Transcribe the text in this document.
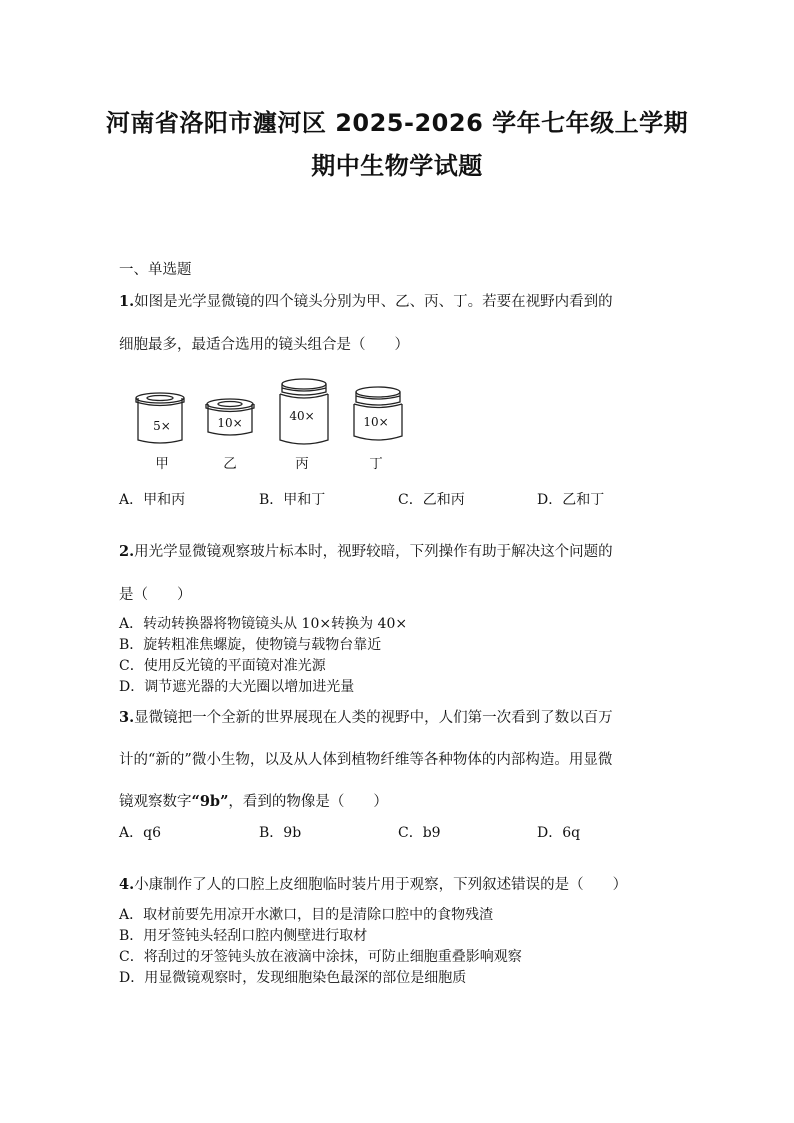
河南省洛阳市瀍河区 2025-2026 学年七年级上学期
期中生物学试题
一、单选题
1.如图是光学显微镜的四个镜头分别为甲、乙、丙、丁。若要在视野内看到的
细胞最多，最适合选用的镜头组合是（　　）
5×	10×	40×	10×
甲	乙	丙	丁
A．甲和丙	B．甲和丁	C．乙和丙	D．乙和丁
2.用光学显微镜观察玻片标本时，视野较暗，下列操作有助于解决这个问题的
是（　　）
A．转动转换器将物镜镜头从 10×转换为 40×
B．旋转粗准焦螺旋，使物镜与载物台靠近
C．使用反光镜的平面镜对准光源
D．调节遮光器的大光圈以增加进光量
3.显微镜把一个全新的世界展现在人类的视野中，人们第一次看到了数以百万
计的“新的”微小生物，以及从人体到植物纤维等各种物体的内部构造。用显微
镜观察数字“9b”，看到的物像是（　　）
A．q6	B．9b	C．b9	D．6q
4.小康制作了人的口腔上皮细胞临时装片用于观察，下列叙述错误的是（　　）
A．取材前要先用凉开水漱口，目的是清除口腔中的食物残渣
B．用牙签钝头轻刮口腔内侧壁进行取材
C．将刮过的牙签钝头放在液滴中涂抹，可防止细胞重叠影响观察
D．用显微镜观察时，发现细胞染色最深的部位是细胞质
